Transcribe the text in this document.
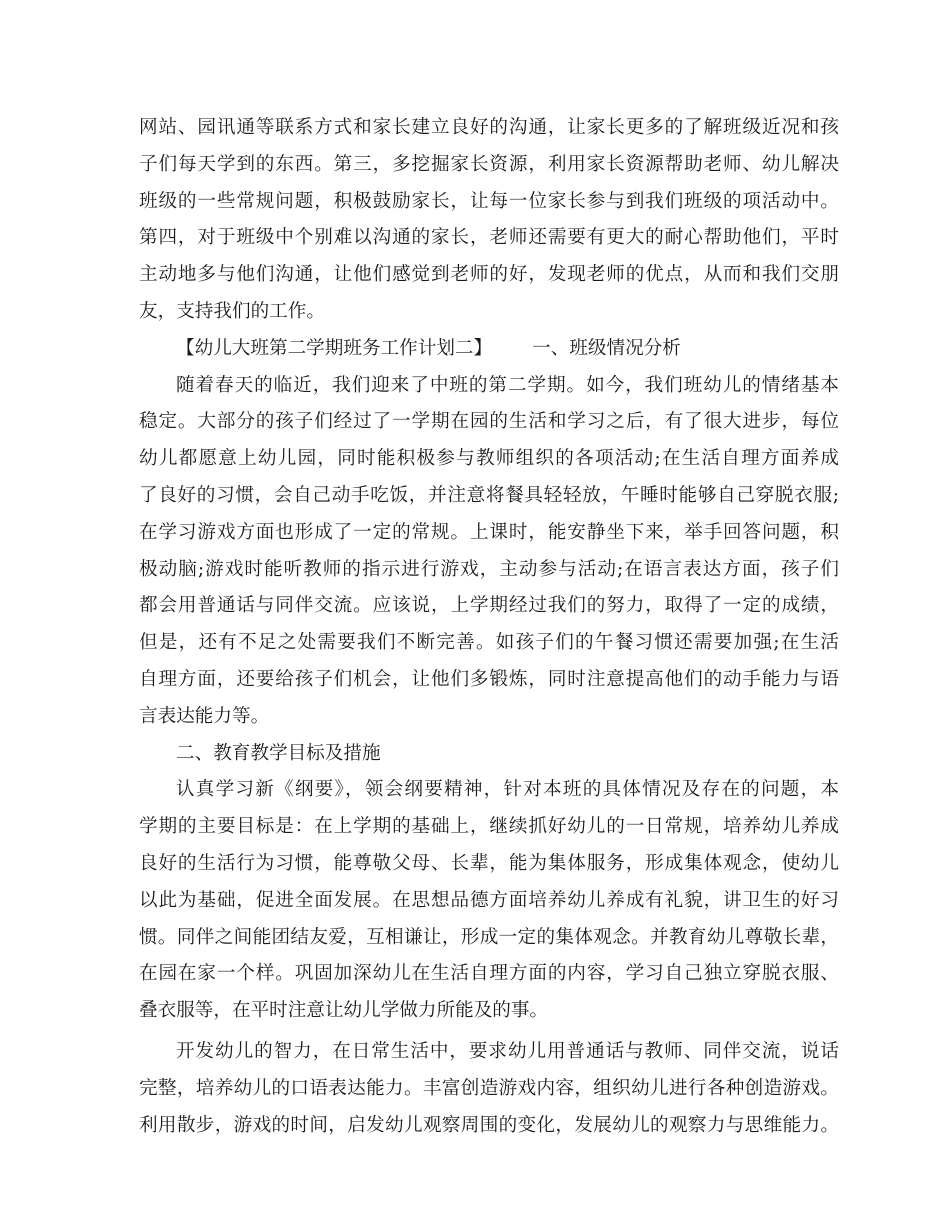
网站、园讯通等联系方式和家长建立良好的沟通，让家长更多的了解班级近况和孩
子们每天学到的东西。第三，多挖掘家长资源，利用家长资源帮助老师、幼儿解决
班级的一些常规问题，积极鼓励家长，让每一位家长参与到我们班级的项活动中。
第四，对于班级中个别难以沟通的家长，老师还需要有更大的耐心帮助他们，平时
主动地多与他们沟通，让他们感觉到老师的好，发现老师的优点，从而和我们交朋
友，支持我们的工作。
【幼儿大班第二学期班务工作计划二】 一、班级情况分析
随着春天的临近，我们迎来了中班的第二学期。如今，我们班幼儿的情绪基本
稳定。大部分的孩子们经过了一学期在园的生活和学习之后，有了很大进步，每位
幼儿都愿意上幼儿园，同时能积极参与教师组织的各项活动;在生活自理方面养成
了良好的习惯，会自己动手吃饭，并注意将餐具轻轻放，午睡时能够自己穿脱衣服;
在学习游戏方面也形成了一定的常规。上课时，能安静坐下来，举手回答问题，积
极动脑;游戏时能听教师的指示进行游戏，主动参与活动;在语言表达方面，孩子们
都会用普通话与同伴交流。应该说，上学期经过我们的努力，取得了一定的成绩，
但是，还有不足之处需要我们不断完善。如孩子们的午餐习惯还需要加强;在生活
自理方面，还要给孩子们机会，让他们多锻炼，同时注意提高他们的动手能力与语
言表达能力等。
二、教育教学目标及措施
认真学习新《纲要》，领会纲要精神，针对本班的具体情况及存在的问题，本
学期的主要目标是：在上学期的基础上，继续抓好幼儿的一日常规，培养幼儿养成
良好的生活行为习惯，能尊敬父母、长辈，能为集体服务，形成集体观念，使幼儿
以此为基础，促进全面发展。在思想品德方面培养幼儿养成有礼貌，讲卫生的好习
惯。同伴之间能团结友爱，互相谦让，形成一定的集体观念。并教育幼儿尊敬长辈，
在园在家一个样。巩固加深幼儿在生活自理方面的内容，学习自己独立穿脱衣服、
叠衣服等，在平时注意让幼儿学做力所能及的事。
开发幼儿的智力，在日常生活中，要求幼儿用普通话与教师、同伴交流，说话
完整，培养幼儿的口语表达能力。丰富创造游戏内容，组织幼儿进行各种创造游戏。
利用散步，游戏的时间，启发幼儿观察周围的变化，发展幼儿的观察力与思维能力。
